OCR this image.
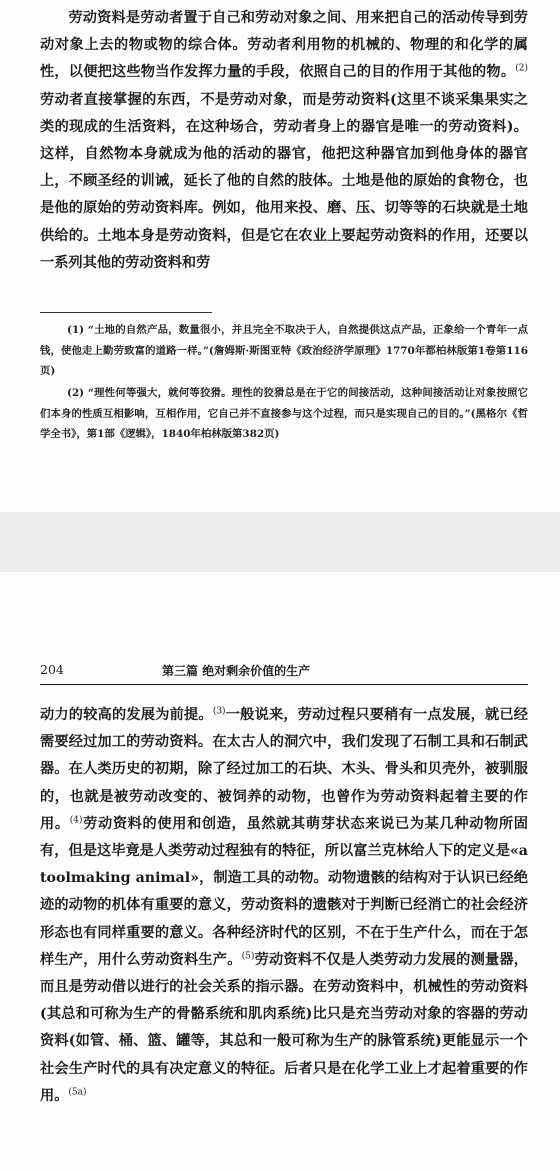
劳动资料是劳动者置于自己和劳动对象之间、用来把自己的活动传导到劳动对象上去的物或物的综合体。劳动者利用物的机械的、物理的和化学的属性，以便把这些物当作发挥力量的手段，依照自己的目的作用于其他的物。$^{(2)}$劳动者直接掌握的东西，不是劳动对象，而是劳动资料(这里不谈采集果实之类的现成的生活资料，在这种场合，劳动者身上的器官是唯一的劳动资料)。这样，自然物本身就成为他的活动的器官，他把这种器官加到他身体的器官上，不顾圣经的训诫，延长了他的自然的肢体。土地是他的原始的食物仓，也是他的原始的劳动资料库。例如，他用来投、磨、压、切等等的石块就是土地供给的。土地本身是劳动资料，但是它在农业上要起劳动资料的作用，还要以一系列其他的劳动资料和劳

(1) “土地的自然产品，数量很小，并且完全不取决于人，自然提供这点产品，正象给一个青年一点钱，使他走上勤劳致富的道路一样。”(詹姆斯·斯图亚特《政治经济学原理》1770年都柏林版第1卷第116页)

(2) “理性何等强大，就何等狡猾。理性的狡猾总是在于它的间接活动，这种间接活动让对象按照它们本身的性质互相影响，互相作用，它自己并不直接参与这个过程，而只是实现自己的目的。”(黑格尔《哲学全书》，第1部《逻辑》，1840年柏林版第382页)

204	第三篇 绝对剩余价值的生产

动力的较高的发展为前提。$^{(3)}$一般说来，劳动过程只要稍有一点发展，就已经需要经过加工的劳动资料。在太古人的洞穴中，我们发现了石制工具和石制武器。在人类历史的初期，除了经过加工的石块、木头、骨头和贝壳外，被驯服的，也就是被劳动改变的、被饲养的动物，也曾作为劳动资料起着主要的作用。$^{(4)}$劳动资料的使用和创造，虽然就其萌芽状态来说已为某几种动物所固有，但是这毕竟是人类劳动过程独有的特征，所以富兰克林给人下的定义是«a toolmaking animal»，制造工具的动物。动物遗骸的结构对于认识已经绝迹的动物的机体有重要的意义，劳动资料的遗骸对于判断已经消亡的社会经济形态也有同样重要的意义。各种经济时代的区别，不在于生产什么，而在于怎样生产，用什么劳动资料生产。$^{(5)}$劳动资料不仅是人类劳动力发展的测量器，而且是劳动借以进行的社会关系的指示器。在劳动资料中，机械性的劳动资料(其总和可称为生产的骨骼系统和肌肉系统)比只是充当劳动对象的容器的劳动资料(如管、桶、篮、罐等，其总和一般可称为生产的脉管系统)更能显示一个社会生产时代的具有决定意义的特征。后者只是在化学工业上才起着重要的作用。$^{(5a)}$
